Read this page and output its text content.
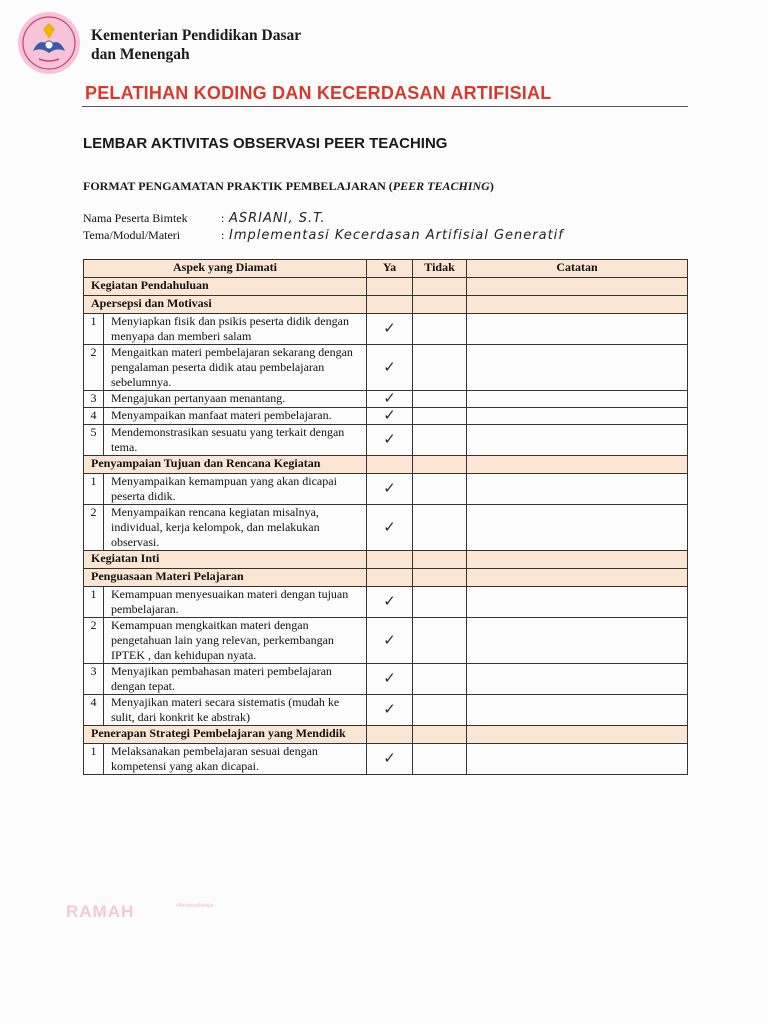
Kementerian Pendidikan Dasar
dan Menengah
PELATIHAN KODING DAN KECERDASAN ARTIFISIAL
LEMBAR AKTIVITAS OBSERVASI PEER TEACHING
FORMAT PENGAMATAN PRAKTIK PEMBELAJARAN (PEER TEACHING)
Nama Peserta Bimtek	: ASRIANI, S.T.
Tema/Modul/Materi	: Implementasi Kecerdasan Artifisial Generatif
Aspek yang Diamati		Ya	Tidak	Catatan
Kegiatan Pendahuluan				
Apersepsi dan Motivasi				
1	Menyiapkan fisik dan psikis peserta didik dengan menyapa dan memberi salam	✓		
2	Mengaitkan materi pembelajaran sekarang dengan pengalaman peserta didik atau pembelajaran sebelumnya.	✓		
3	Mengajukan pertanyaan menantang.	✓		
4	Menyampaikan manfaat materi pembelajaran.	✓		
5	Mendemonstrasikan sesuatu yang terkait dengan tema.	✓		
Penyampaian Tujuan dan Rencana Kegiatan				
1	Menyampaikan kemampuan yang akan dicapai peserta didik.	✓		
2	Menyampaikan rencana kegiatan misalnya, individual, kerja kelompok, dan melakukan observasi.	✓		
Kegiatan Inti				
Penguasaan Materi Pelajaran				
1	Kemampuan menyesuaikan materi dengan tujuan pembelajaran.	✓		
2	Kemampuan mengkaitkan materi dengan pengetahuan lain yang relevan, perkembangan IPTEK , dan kehidupan nyata.	✓		
3	Menyajikan pembahasan materi pembelajaran dengan tepat.	✓		
4	Menyajikan materi secara sistematis (mudah ke sulit, dari konkrit ke abstrak)	✓		
Penerapan Strategi Pembelajaran yang Mendidik				
1	Melaksanakan pembelajaran sesuai dengan kompetensi yang akan dicapai.	✓		
RAMAH	#MerdekaBelajar
